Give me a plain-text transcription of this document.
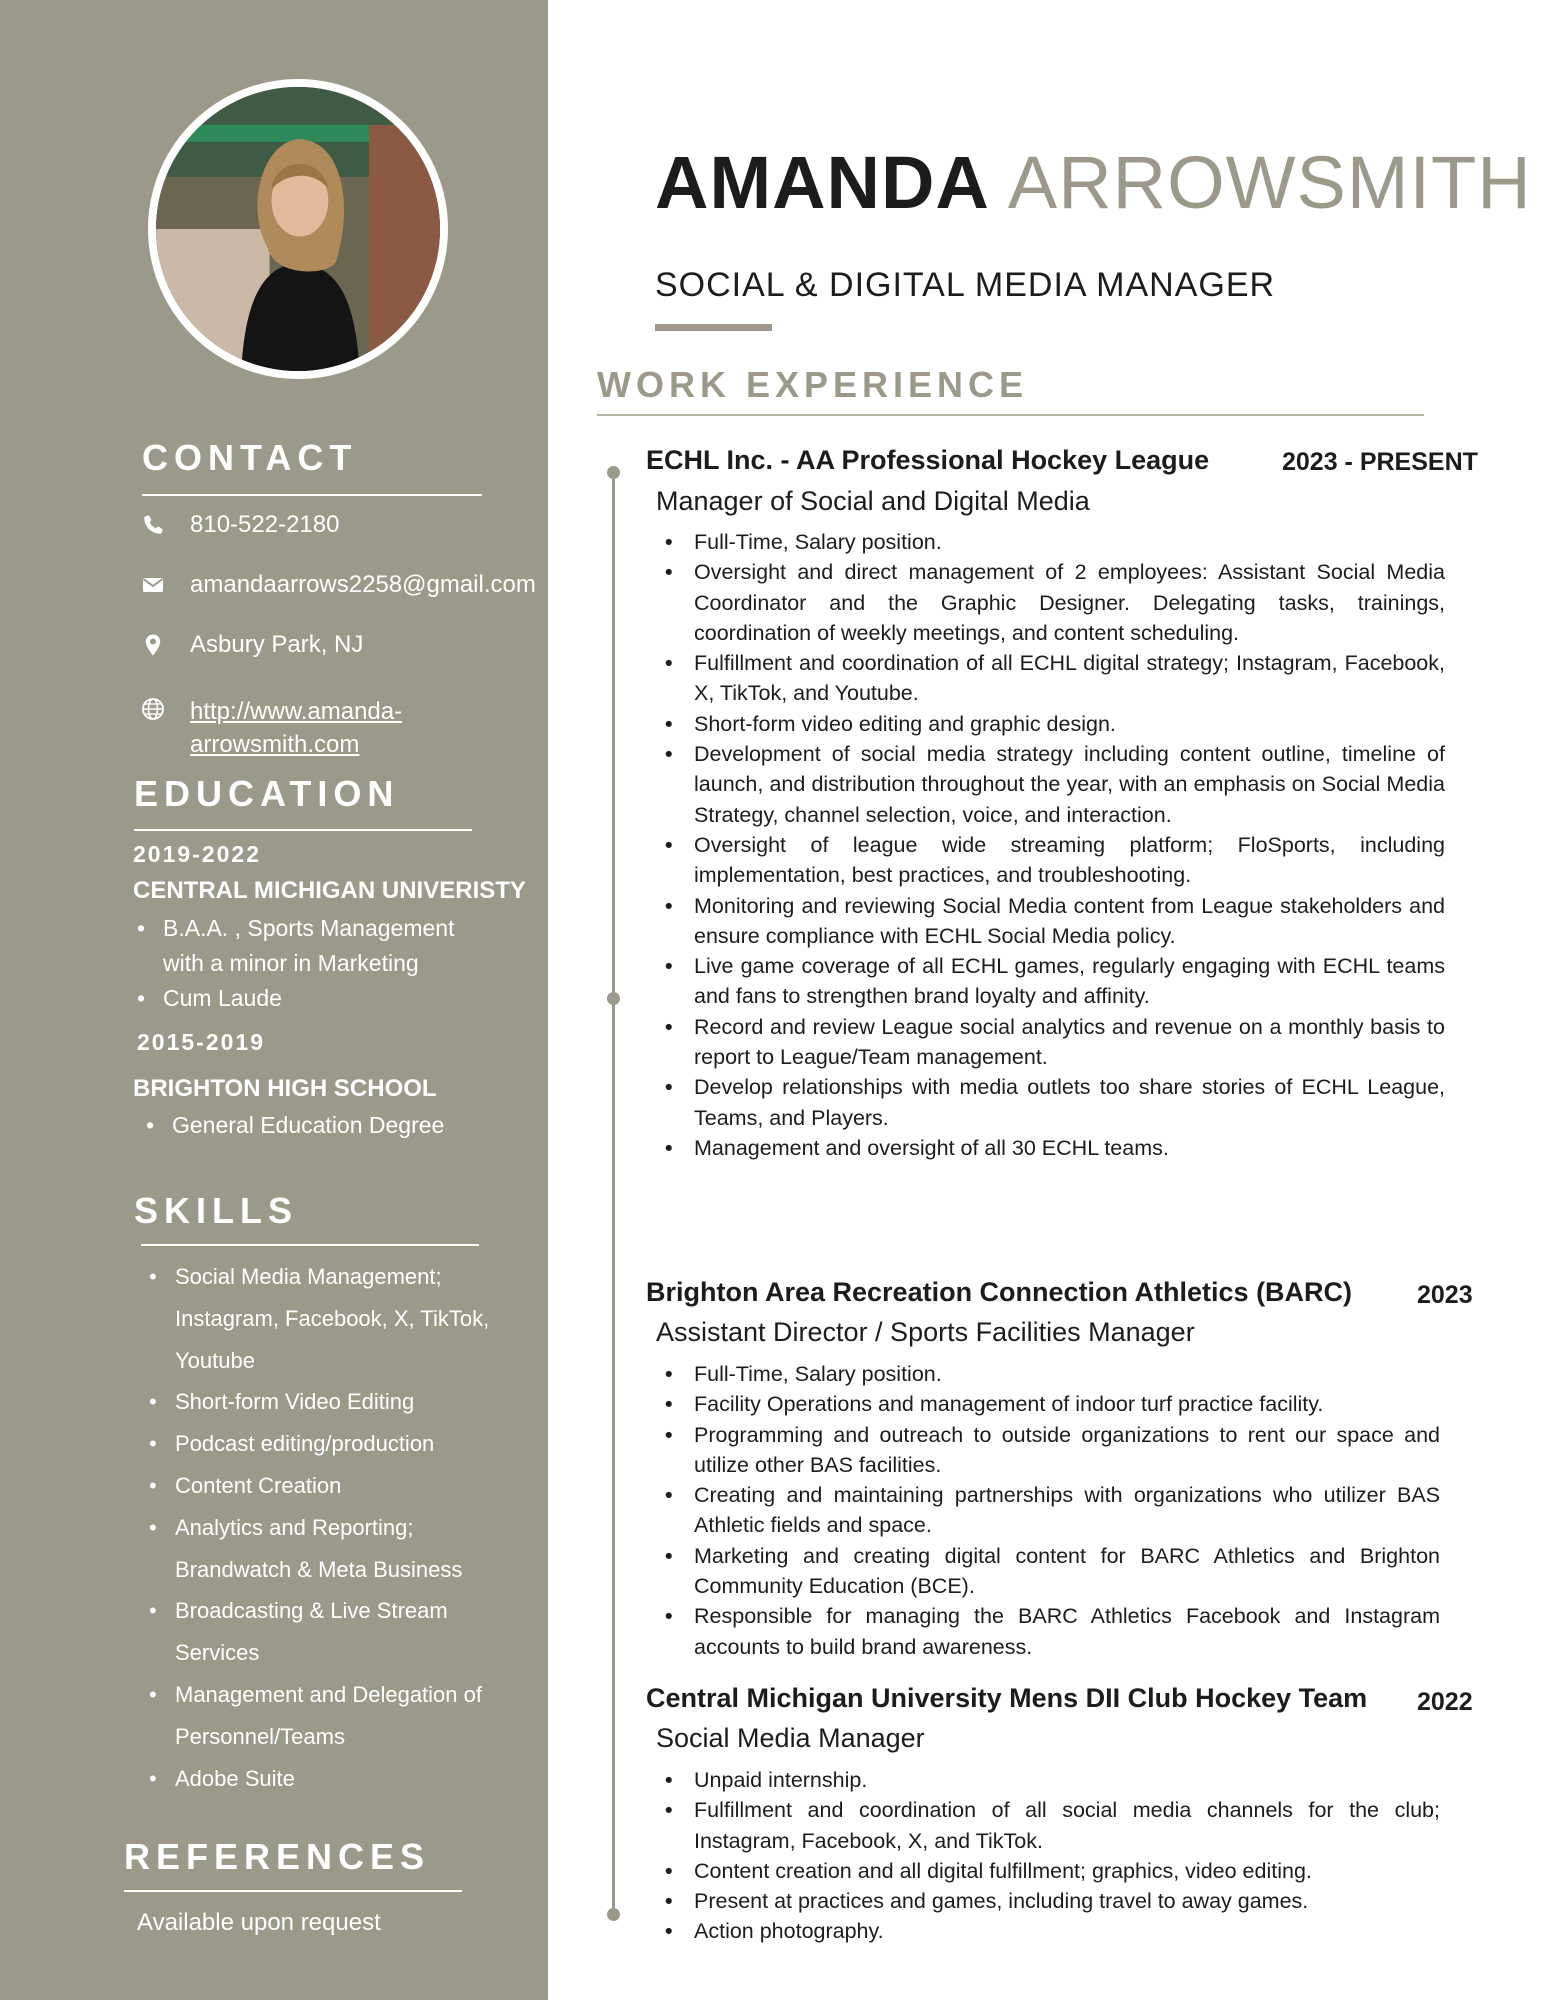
CONTACT
810-522-2180
amandaarrows2258@gmail.com
Asbury Park, NJ
http://www.amanda-
arrowsmith.com
EDUCATION
2019-2022
CENTRAL MICHIGAN UNIVERISTY
• B.A.A. , Sports Management
with a minor in Marketing
• Cum Laude
2015-2019
BRIGHTON HIGH SCHOOL
• General Education Degree
SKILLS
• Social Media Management;
Instagram, Facebook, X, TikTok,
Youtube
• Short-form Video Editing
• Podcast editing/production
• Content Creation
• Analytics and Reporting;
Brandwatch & Meta Business
• Broadcasting & Live Stream
Services
• Management and Delegation of
Personnel/Teams
• Adobe Suite
REFERENCES
Available upon request
AMANDA ARROWSMITH
SOCIAL & DIGITAL MEDIA MANAGER
WORK EXPERIENCE
ECHL Inc. - AA Professional Hockey League	2023 - PRESENT
Manager of Social and Digital Media
• Full-Time, Salary position.
• Oversight and direct management of 2 employees: Assistant Social Media Coordinator and the Graphic Designer. Delegating tasks, trainings, coordination of weekly meetings, and content scheduling.
• Fulfillment and coordination of all ECHL digital strategy; Instagram, Facebook, X, TikTok, and Youtube.
• Short-form video editing and graphic design.
• Development of social media strategy including content outline, timeline of launch, and distribution throughout the year, with an emphasis on Social Media Strategy, channel selection, voice, and interaction.
• Oversight of league wide streaming platform; FloSports, including implementation, best practices, and troubleshooting.
• Monitoring and reviewing Social Media content from League stakeholders and ensure compliance with ECHL Social Media policy.
• Live game coverage of all ECHL games, regularly engaging with ECHL teams and fans to strengthen brand loyalty and affinity.
• Record and review League social analytics and revenue on a monthly basis to report to League/Team management.
• Develop relationships with media outlets too share stories of ECHL League, Teams, and Players.
• Management and oversight of all 30 ECHL teams.
Brighton Area Recreation Connection Athletics (BARC)	2023
Assistant Director / Sports Facilities Manager
• Full-Time, Salary position.
• Facility Operations and management of indoor turf practice facility.
• Programming and outreach to outside organizations to rent our space and utilize other BAS facilities.
• Creating and maintaining partnerships with organizations who utilizer BAS Athletic fields and space.
• Marketing and creating digital content for BARC Athletics and Brighton Community Education (BCE).
• Responsible for managing the BARC Athletics Facebook and Instagram accounts to build brand awareness.
Central Michigan University Mens DII Club Hockey Team 2022
Social Media Manager
• Unpaid internship.
• Fulfillment and coordination of all social media channels for the club; Instagram, Facebook, X, and TikTok.
• Content creation and all digital fulfillment; graphics, video editing.
• Present at practices and games, including travel to away games.
• Action photography.
